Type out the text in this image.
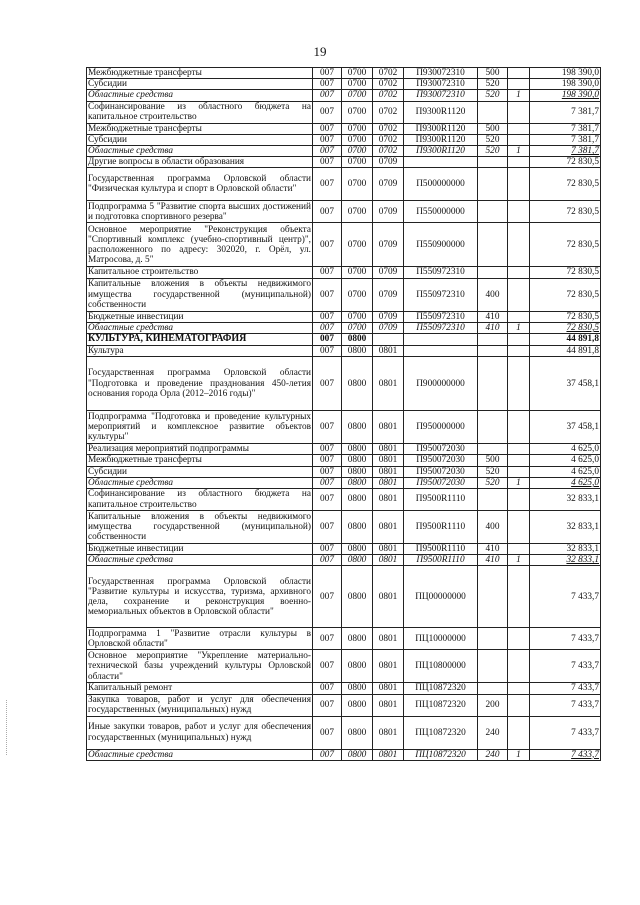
19
Межбюджетные трансферты	007	0700	0702	П930072310	500		198 390,0
Субсидии	007	0700	0702	П930072310	520		198 390,0
Областные средства	007	0700	0702	П930072310	520	1	198 390,0
Софинансирование из областного бюджета на капитальное строительство	007	0700	0702	П9300R1120			7 381,7
Межбюджетные трансферты	007	0700	0702	П9300R1120	500		7 381,7
Субсидии	007	0700	0702	П9300R1120	520		7 381,7
Областные средства	007	0700	0702	П9300R1120	520	1	7 381,7
Другие вопросы в области образования	007	0700	0709				72 830,5
Государственная программа Орловской области "Физическая культура и спорт в Орловской области"	007	0700	0709	П500000000			72 830,5
Подпрограмма 5 "Развитие спорта высших достижений и подготовка спортивного резерва"	007	0700	0709	П550000000			72 830,5
Основное мероприятие "Реконструкция объекта "Спортивный комплекс (учебно-спортивный центр)", расположенного по адресу: 302020, г. Орёл, ул. Матросова, д. 5"	007	0700	0709	П550900000			72 830,5
Капитальное строительство	007	0700	0709	П550972310			72 830,5
Капитальные вложения в объекты недвижимого имущества государственной (муниципальной) собственности	007	0700	0709	П550972310	400		72 830,5
Бюджетные инвестиции	007	0700	0709	П550972310	410		72 830,5
Областные средства	007	0700	0709	П550972310	410	1	72 830,5
КУЛЬТУРА, КИНЕМАТОГРАФИЯ	007	0800					44 891,8
Культура	007	0800	0801				44 891,8
Государственная программа Орловской области "Подготовка и проведение празднования 450-летия основания города Орла (2012–2016 годы)"	007	0800	0801	П900000000			37 458,1
Подпрограмма "Подготовка и проведение культурных мероприятий и комплексное развитие объектов культуры"	007	0800	0801	П950000000			37 458,1
Реализация мероприятий подпрограммы	007	0800	0801	П950072030			4 625,0
Межбюджетные трансферты	007	0800	0801	П950072030	500		4 625,0
Субсидии	007	0800	0801	П950072030	520		4 625,0
Областные средства	007	0800	0801	П950072030	520	1	4 625,0
Софинансирование из областного бюджета на капитальное строительство	007	0800	0801	П9500R1110			32 833,1
Капитальные вложения в объекты недвижимого имущества государственной (муниципальной) собственности	007	0800	0801	П9500R1110	400		32 833,1
Бюджетные инвестиции	007	0800	0801	П9500R1110	410		32 833,1
Областные средства	007	0800	0801	П9500R1110	410	1	32 833,1
Государственная программа Орловской области "Развитие культуры и искусства, туризма, архивного дела, сохранение и реконструкция военно-мемориальных объектов в Орловской области"	007	0800	0801	ПЦ00000000			7 433,7
Подпрограмма 1 "Развитие отрасли культуры в Орловской области"	007	0800	0801	ПЦ10000000			7 433,7
Основное мероприятие "Укрепление материально-технической базы учреждений культуры Орловской области"	007	0800	0801	ПЦ10800000			7 433,7
Капитальный ремонт	007	0800	0801	ПЦ10872320			7 433,7
Закупка товаров, работ и услуг для обеспечения государственных (муниципальных) нужд	007	0800	0801	ПЦ10872320	200		7 433,7
Иные закупки товаров, работ и услуг для обеспечения государственных (муниципальных) нужд	007	0800	0801	ПЦ10872320	240		7 433,7
Областные средства	007	0800	0801	ПЦ10872320	240	1	7 433,7
